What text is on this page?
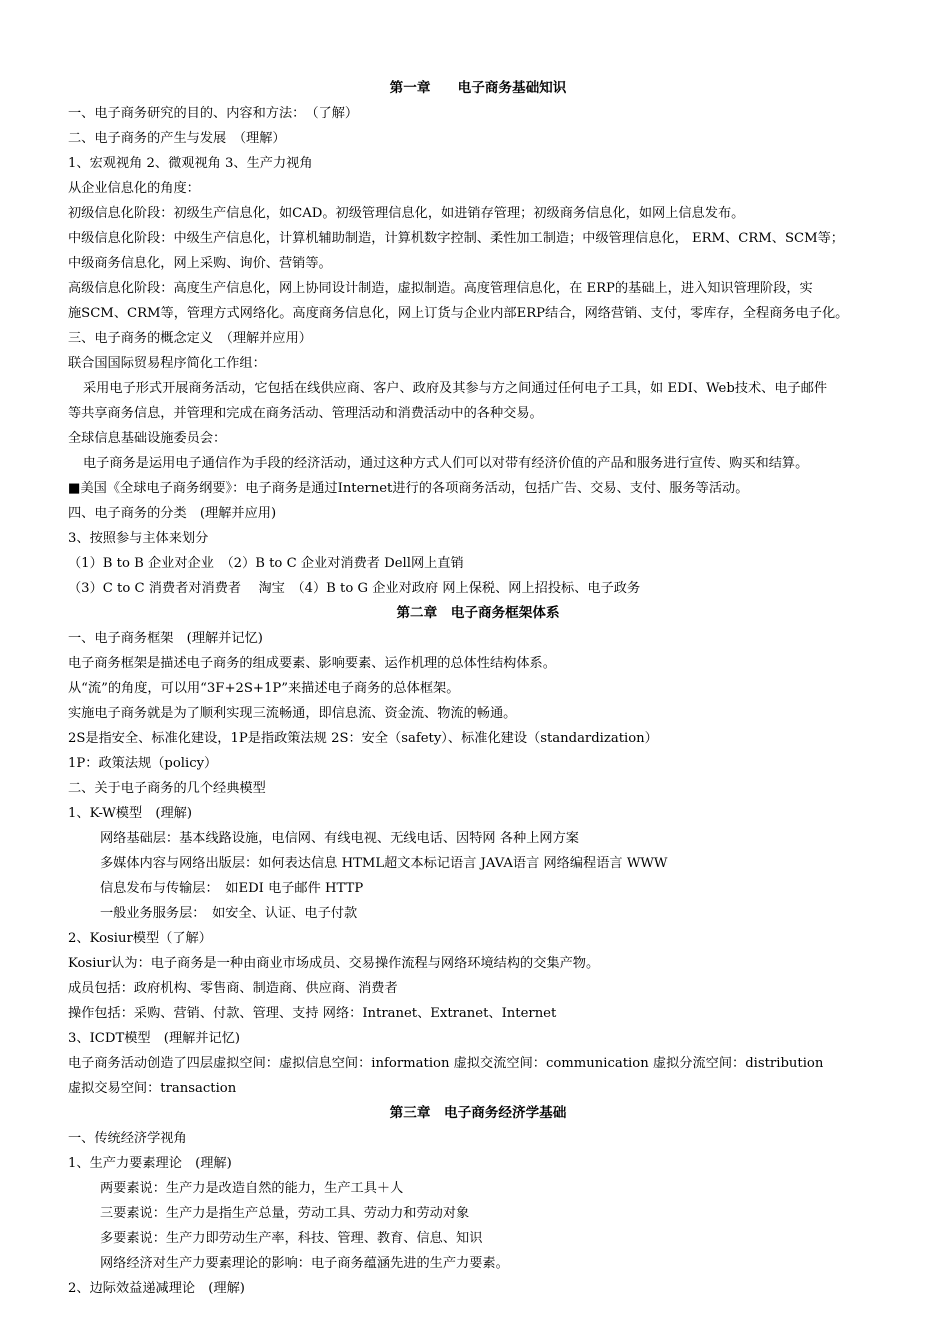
第一章　　电子商务基础知识
一、电子商务研究的目的、内容和方法：　（了解）
二、电子商务的产生与发展　（理解）
1、宏观视角 2、微观视角 3、生产力视角
从企业信息化的角度：
初级信息化阶段：初级生产信息化，如CAD。初级管理信息化，如进销存管理；初级商务信息化，如网上信息发布。
中级信息化阶段：中级生产信息化，计算机辅助制造，计算机数字控制、柔性加工制造；中级管理信息化， ERM、CRM、SCM等；
中级商务信息化，网上采购、询价、营销等。
高级信息化阶段：高度生产信息化，网上协同设计制造，虚拟制造。高度管理信息化，在 ERP的基础上，进入知识管理阶段，实
施SCM、CRM等，管理方式网络化。高度商务信息化，网上订货与企业内部ERP结合，网络营销、支付，零库存，全程商务电子化。
三、电子商务的概念定义　（理解并应用）
联合国国际贸易程序简化工作组：
采用电子形式开展商务活动，它包括在线供应商、客户、政府及其参与方之间通过任何电子工具，如 EDI、Web技术、电子邮件
等共享商务信息，并管理和完成在商务活动、管理活动和消费活动中的各种交易。
全球信息基础设施委员会：
电子商务是运用电子通信作为手段的经济活动，通过这种方式人们可以对带有经济价值的产品和服务进行宣传、购买和结算。
■美国《全球电子商务纲要》：电子商务是通过Internet进行的各项商务活动，包括广告、交易、支付、服务等活动。
四、电子商务的分类　(理解并应用)
3、按照参与主体来划分
（1）B to B 企业对企业　（2）B to C 企业对消费者 Dell网上直销
（3）C to C 消费者对消费者　 淘宝　（4）B to G 企业对政府 网上保税、网上招投标、电子政务
第二章　电子商务框架体系
一、电子商务框架　(理解并记忆)
电子商务框架是描述电子商务的组成要素、影响要素、运作机理的总体性结构体系。
从“流”的角度，可以用“3F+2S+1P”来描述电子商务的总体框架。
实施电子商务就是为了顺利实现三流畅通，即信息流、资金流、物流的畅通。
2S是指安全、标准化建设，1P是指政策法规 2S：安全（safety）、标准化建设（standardization）
1P：政策法规（policy）
二、关于电子商务的几个经典模型
1、K-W模型　(理解)
网络基础层：基本线路设施，电信网、有线电视、无线电话、因特网 各种上网方案
多媒体内容与网络出版层：如何表达信息 HTML超文本标记语言 JAVA语言 网络编程语言 WWW
信息发布与传输层：　如EDI 电子邮件 HTTP
一般业务服务层：　如安全、认证、电子付款
2、Kosiur模型（了解）
Kosiur认为：电子商务是一种由商业市场成员、交易操作流程与网络环境结构的交集产物。
成员包括：政府机构、零售商、制造商、供应商、消费者
操作包括：采购、营销、付款、管理、支持 网络：Intranet、Extranet、Internet
3、ICDT模型　(理解并记忆)
电子商务活动创造了四层虚拟空间：虚拟信息空间：information 虚拟交流空间：communication 虚拟分流空间：distribution
虚拟交易空间：transaction
第三章　电子商务经济学基础
一、传统经济学视角
1、生产力要素理论　(理解)
两要素说：生产力是改造自然的能力，生产工具＋人
三要素说：生产力是指生产总量，劳动工具、劳动力和劳动对象
多要素说：生产力即劳动生产率，科技、管理、教育、信息、知识
网络经济对生产力要素理论的影响：电子商务蕴涵先进的生产力要素。
2、边际效益递减理论　(理解)
